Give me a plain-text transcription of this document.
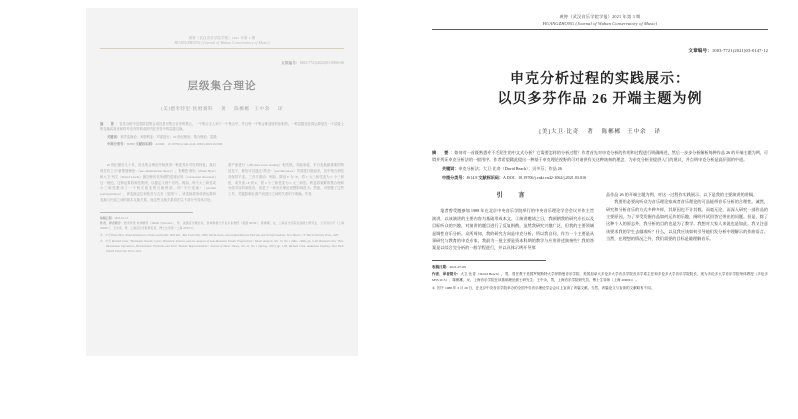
黄钟（武汉音乐学院学报）2022 年第 1 期
HUANGZHONG (Journal of Wuhan Conservatory of Music)
文章编号：1003-7721(2022)01-0080-08
层级集合理论
[美]德米特里·狄姆赛科 著 陈郴郴　王中余 译
摘　要：音乐分析中近零阶层集合成员是可集合音序的集合，一个集合走入到下一个集合中，并且每一个集合都适度的如相邻。一种层级变化的运算是在一个层级上的变换或高音和符号音音符构成的内在音符中的层级互换。
关键词：和声变换论；米格利亚；声部进行；20 世纪理论；集合理论；层级
中图分类号：J6099 文献标识码：A DOI：10.19706/j.cnki.cn42-1062/j.2022.02.000

20 世纪最后几十年，音乐集合理论开始获得一种更具针对性的特征。我们现在有之为“新黎曼理论”（neo-Riemannian theory）。布赖恩·海尔（Brian Hyer）和大卫·列文（David Lewin）最初使用其所谓的语境反转（contextual inversion）这一理论。这种运算将和弦集例，以便定义两个音符。例如，每个大三和弦或小三和弦都用了一个两式改变的互换例部，即“平行变换”（parallel transformation），该变换定位和弦音与五音（见图 ¹）。该变换将形成该运算和变换与比较之间的基本互换关系，而这些互换关系将在以下部分中具体讨论。

滑产而进行（efficient voice leading）相关联。对能单道，平行变换最重要的特征在于，都恰可以通过“滑音”（parsimonious）声部进行联起来，其中相当和弦音保持不变。三音半滑动：例如，降低 E 为 ♭E，将 C 大三和弦变为 C 小三和弦，或升高 ♭E 到 E，将 C 小三和弦变为 C 大三和弦。利息将频繁的集合理和为弦对应的和弦音，但是了一场音乐理论视整影响很少。然而，可管搬了这些工作，关键影响在滑产而进行之间的关系的不明确。毕竟

收稿日期：2022-01-13
作者、译者简介：德米特里·狄姆赛科（Dmitri Tymoczko），男，美国音乐理论家，普林斯顿大学音乐系教授（美国 08540）；陈郴郴，女，上海音乐学院在读硕士研究生，大学音乐学（上海 200031）；王中余，男，上海音乐学院研究员，博士生导师（上海 200031）。
① 参见 Brian Hyer, Tonal Intuitions in Tristan und Isolde, PhD diss., Yale University, 1989; David Lewin, Generalized Musical Intervals and Transformations, New Haven, CT: Yale University Press, 1987.
② 参见 Richard Cohn, "Maximally Smooth Cycles, Hexatonic Systems, and the Analysis of Late-Romantic Triadic Progressions", Music Analysis, Vol. 15, No. 1 (Mar., 1996), pp. 9-40; Richard Cohn, "Neo-Riemannian Operations, Parsimonious Trichords, and Their 'Tonnetz' Representations", Journal of Music Theory, Vol. 41, No. 1 (Spring, 1997), pp. 1-66; Richard Cohn, Audacious Euphony, New York: Oxford University Press, 2012.
黄钟（武汉音乐学院学报）2021 年第 3 期
HUANGZHONG (Journal of Wuhan Conservatory of Music)
文章编号：1003-7721(2021)03-0147-12
申克分析过程的实践展示：
以贝多芬作品 26 开端主题为例
[美]大卫·比奇 著 陈郴郴　王中余 译
摘　要：如何对一首既熟悉亦不乏陌生的中文式分析？它需要怎样的分析过程？作者首先对申克分析的作用和过程进行明确阐述，然后一步步分析解析每种作品 26 的开端主题为例，可谓并列证申克分析法的一般用序。作者希望籍此提出一种基于申克理论视野的可对诸供有关这种演奏的理念，为申克分析业提供入门的建议，并点明申克分析是高层面的中道。
关键词：申克分析法；大卫·比奇（David Beach）；贝多芬；作品 26
中图分类号：J614.8 文献标识码：A DOI：10.19706/j.cnki.cn42-1062/j.2021.03.016
引　言

笔者曾受邀参加 1988 年在北京中央音乐学院举行的中央音乐理论学会会议并作主旨演讲，以该演讲的主要内容为基础形成本文。①演讲邀请之日，我顿朝我的研究专长以及目标听众的兴趣，对演讲的题目进行了反复斟酌。虽然我研究兴趣广泛，但我的主要领域是调性音乐分析。众所周知，我的研究方向是申克分析。所以我自问，作为一个主要是从事研究与教育的申克专家，我最为一批主要是资本科期的教学与应用讲述演奏些？我的答案是以综合完分析的一般学程进行，并以具体示例开导那

品作品 26 的开端主题为例，对这一过程作实践展示。以下是我的主要演讲的讲稿。

我要用必要向听众为音乐理论家或者音乐理论的可品能带音乐分析的合理性。诚然，研究和分析音乐的方式多种多样，其原因也不计其数。而毫无论，而深入研究一部作品的主要原因，为了享受发掘作品如何运作的乐趣，阐明并试回答它带出的问题。但是，除了这种个人的原志外，我分析的目的也是为了教学。我想对大家人来说也是如此。我又注意该要求我的学生去做或听？什么，以及我应该如何引导他们发分析中理解示的作曲语言。当然，在理想的情况之外，我们需要的目标是做理解音乐。

收稿日期：2021-07-09
作者、译者简介：大卫·比奇（David Beach），男，曾任教于美国罗彻斯特大学伊斯曼音乐学院、美国加拿大多伦多大学音乐学院音乐学系主任和多伦多大学音乐学院院长，现为多伦多大学音乐学院荣休教授（多伦多 M5S 2C5）；陈郴郴，女，上海音乐学院在读基础理论硕士研究生；王中余，男，上海音乐学院研究员，博士生导师（上海 200031）。
① 因于 1988 年 3 月 26 日，在北京中央音乐学院举办的全国中央音乐理论学会会议上宣读了该篇文献。当然，该篇论文与宣读的文献略有不同。
